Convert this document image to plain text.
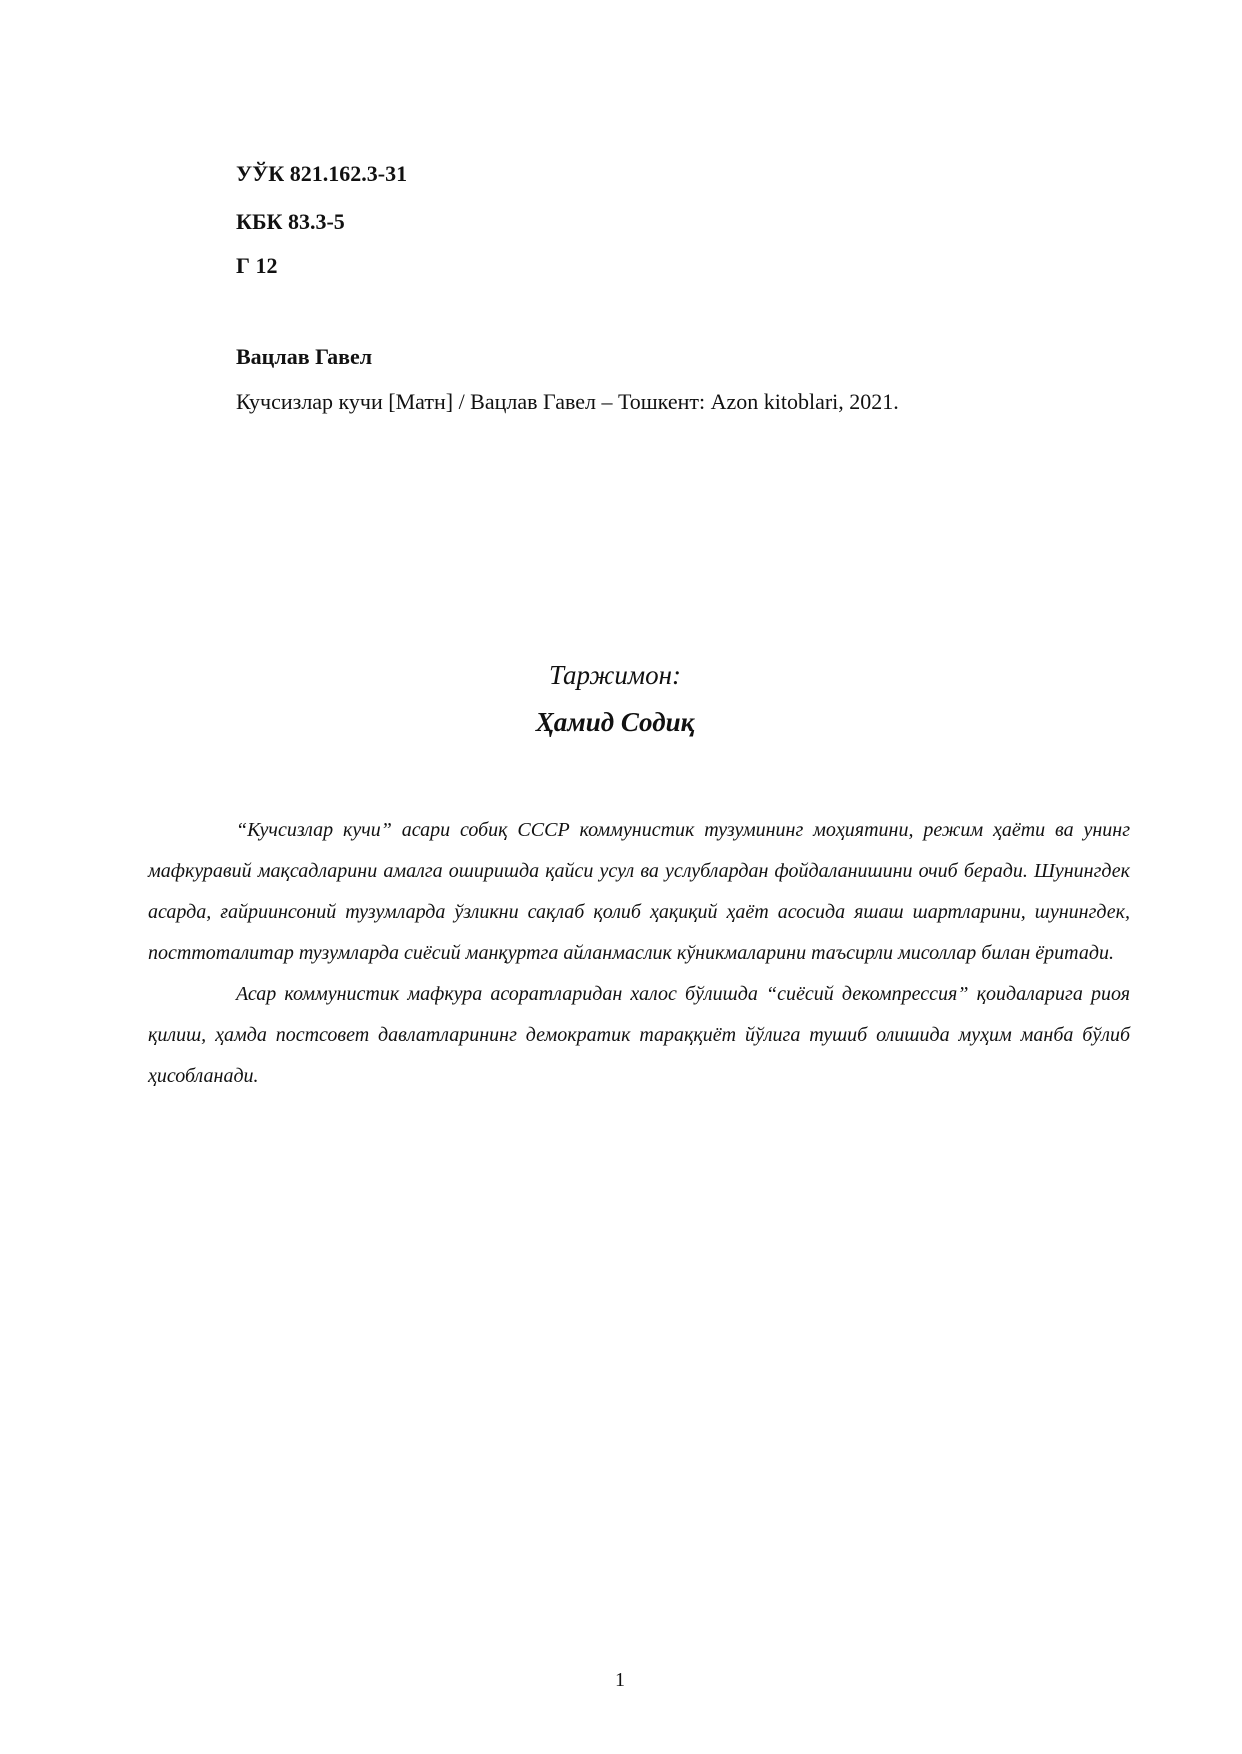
УЎК 821.162.3-31
КБК 83.3-5
Г 12
Вацлав Гавел
Кучсизлар кучи [Матн] / Вацлав Гавел – Тошкент: Azon kitoblari, 2021.
Таржимон:
Ҳамид Содиқ

“Кучсизлар кучи” асари собиқ СССР коммунистик тузумининг моҳиятини, режим ҳаёти ва унинг мафкуравий мақсадларини амалга оширишда қайси усул ва услублардан фойдаланишини очиб беради. Шунингдек асарда, ғайриинсоний тузумларда ўзликни сақлаб қолиб ҳақиқий ҳаёт асосида яшаш шартларини, шунингдек, посттоталитар тузумларда сиёсий манқуртга айланмаслик кўникмаларини таъсирли мисоллар билан ёритади.

Асар коммунистик мафкура асоратларидан халос бўлишда “сиёсий декомпрессия” қоидаларига риоя қилиш, ҳамда постсовет давлатларининг демократик тараққиёт йўлига тушиб олишида муҳим манба бўлиб ҳисобланади.

1
